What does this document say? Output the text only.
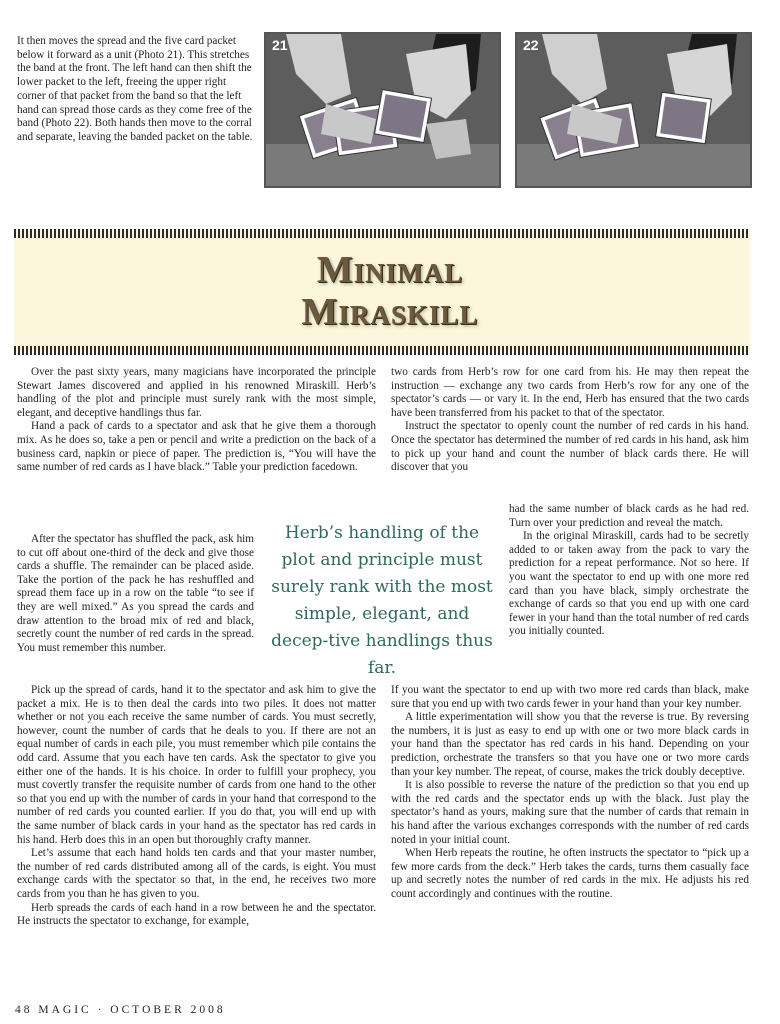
It then moves the spread and the five card packet below it forward as a unit (Photo 21). This stretches the band at the front. The left hand can then shift the lower packet to the left, freeing the upper right corner of that packet from the band so that the left hand can spread those cards as they come free of the band (Photo 22). Both hands then move to the corral and separate, leaving the banded packet on the table.
21	22
Minimal
Miraskill

Over the past sixty years, many magicians have incorporated the principle Stewart James discovered and applied in his renowned Miraskill. Herb’s handling of the plot and principle must surely rank with the most simple, elegant, and deceptive handlings thus far.

Hand a pack of cards to a spectator and ask that he give them a thorough mix. As he does so, take a pen or pencil and write a prediction on the back of a business card, napkin or piece of paper. The prediction is, “You will have the same number of red cards as I have black.” Table your prediction facedown.

After the spectator has shuffled the pack, ask him to cut off about one-third of the deck and give those cards a shuffle. The remainder can be placed aside. Take the portion of the pack he has reshuffled and spread them face up in a row on the table “to see if they are well mixed.” As you spread the cards and draw attention to the broad mix of red and black, secretly count the number of red cards in the spread. You must remember this number.

Pick up the spread of cards, hand it to the spectator and ask him to give the packet a mix. He is to then deal the cards into two piles. It does not matter whether or not you each receive the same number of cards. You must secretly, however, count the number of cards that he deals to you. If there are not an equal number of cards in each pile, you must remember which pile contains the odd card. Assume that you each have ten cards. Ask the spectator to give you either one of the hands. It is his choice. In order to fulfill your prophecy, you must covertly transfer the requisite number of cards from one hand to the other so that you end up with the number of cards in your hand that correspond to the number of red cards you counted earlier. If you do that, you will end up with the same number of black cards in your hand as the spectator has red cards in his hand. Herb does this in an open but thoroughly crafty manner.

Let’s assume that each hand holds ten cards and that your master number, the number of red cards distributed among all of the cards, is eight. You must exchange cards with the spectator so that, in the end, he receives two more cards from you than he has given to you.

Herb spreads the cards of each hand in a row between he and the spectator. He instructs the spectator to exchange, for example,

Herb’s handling of the plot and principle must surely rank with the most simple, elegant, and decep-tive handlings thus far.

two cards from Herb’s row for one card from his. He may then repeat the instruction — exchange any two cards from Herb’s row for any one of the spectator’s cards — or vary it. In the end, Herb has ensured that the two cards have been transferred from his packet to that of the spectator.

Instruct the spectator to openly count the number of red cards in his hand. Once the spectator has determined the number of red cards in his hand, ask him to pick up your hand and count the number of black cards there. He will discover that you

had the same number of black cards as he had red. Turn over your prediction and reveal the match.

In the original Miraskill, cards had to be secretly added to or taken away from the pack to vary the prediction for a repeat performance. Not so here. If you want the spectator to end up with one more red card than you have black, simply orchestrate the exchange of cards so that you end up with one card fewer in your hand than the total number of red cards you initially counted.

If you want the spectator to end up with two more red cards than black, make sure that you end up with two cards fewer in your hand than your key number.

A little experimentation will show you that the reverse is true. By reversing the numbers, it is just as easy to end up with one or two more black cards in your hand than the spectator has red cards in his hand. Depending on your prediction, orchestrate the transfers so that you have one or two more cards than your key number. The repeat, of course, makes the trick doubly deceptive.

It is also possible to reverse the nature of the prediction so that you end up with the red cards and the spectator ends up with the black. Just play the spectator’s hand as yours, making sure that the number of cards that remain in his hand after the various exchanges corresponds with the number of red cards noted in your initial count.

When Herb repeats the routine, he often instructs the spectator to “pick up a few more cards from the deck.” Herb takes the cards, turns them casually face up and secretly notes the number of red cards in the mix. He adjusts his red count accordingly and continues with the routine.

48 MAGIC · OCTOBER 2008
